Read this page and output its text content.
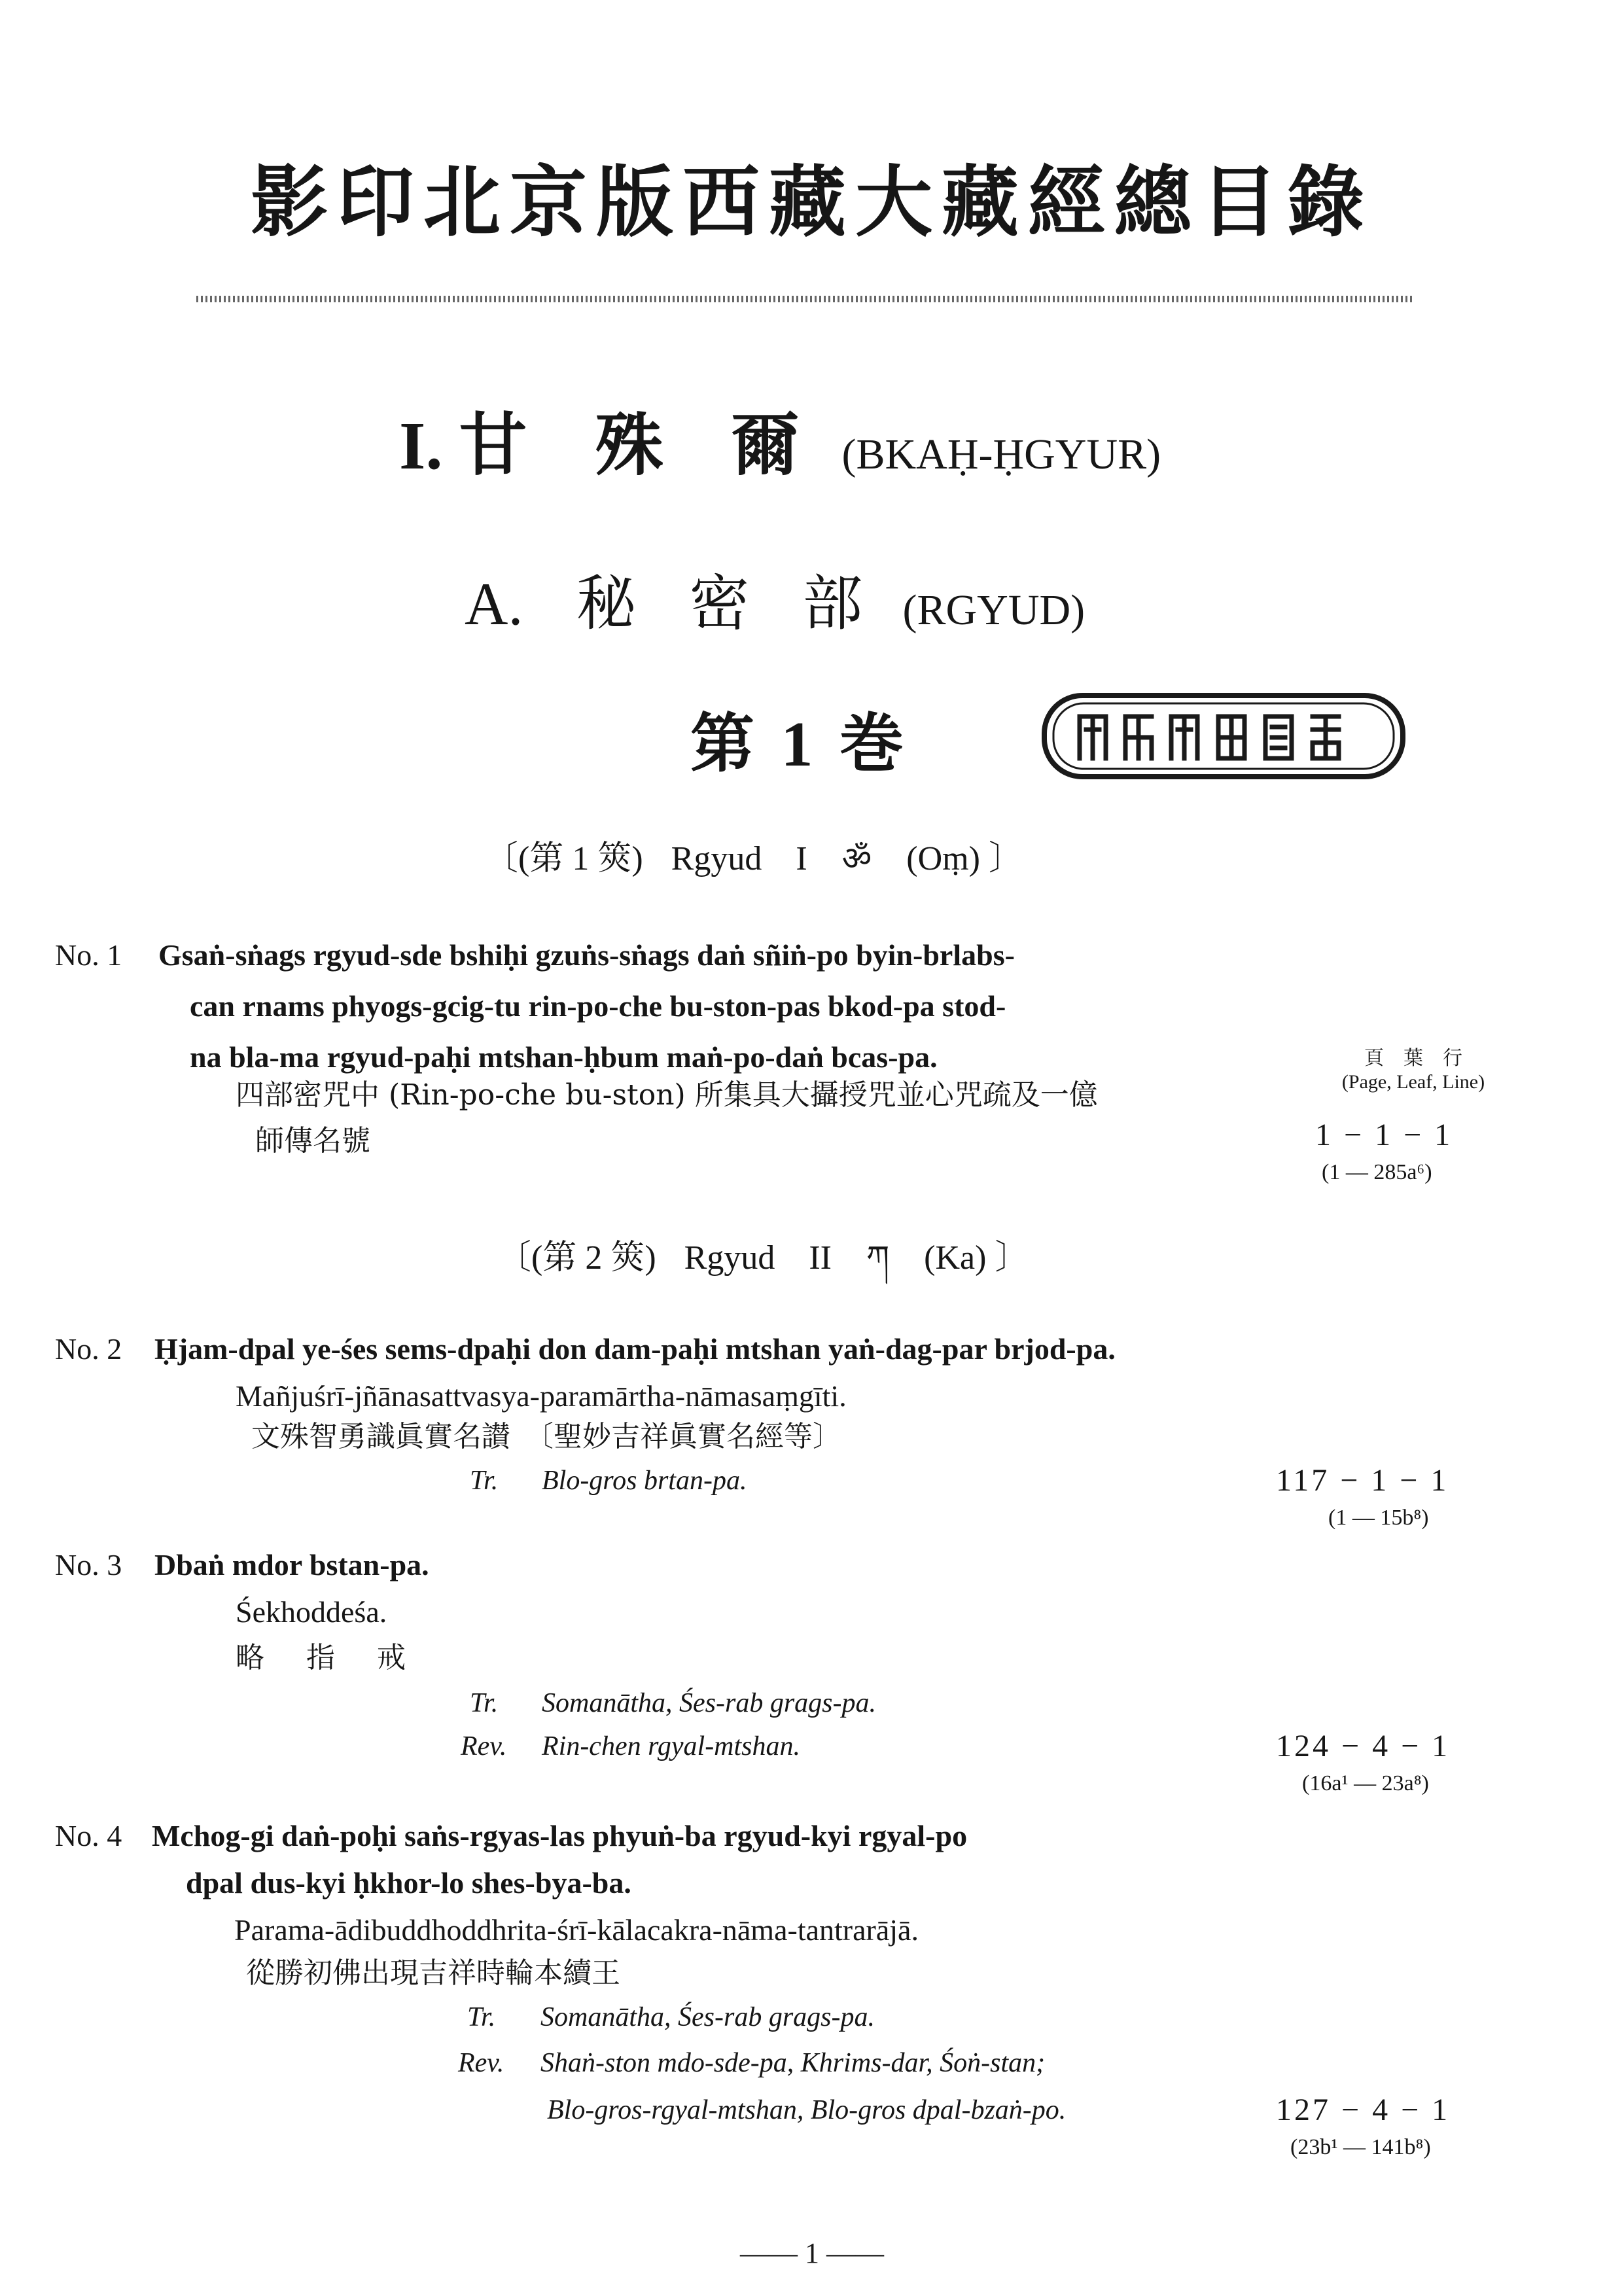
影印北京版西藏大藏經總目錄
I. 甘　殊　爾 (BKAḤ-ḤGYUR)
A. 秘 密 部 (RGYUD)
第 1 巻
〔(第 1 筴) Rgyud　I ॐ (Oṃ) 〕
No. 1 Gsaṅ-sṅags rgyud-sde bshiḥi gzuṅs-sṅags daṅ sñiṅ-po byin-brlabs-
can rnams phyogs-gcig-tu rin-po-che bu-ston-pas bkod-pa stod-
na bla-ma rgyud-paḥi mtshan-ḥbum maṅ-po-daṅ bcas-pa.
四部密咒中 (Rin-po-che bu-ston) 所集具大攝授咒並心咒疏及一億
師傳名號
頁　葉　行
(Page, Leaf, Line)
1 − 1 − 1
(1 — 285a⁶)
〔(第 2 筴) Rgyud　II ཀ (Ka) 〕
No. 2 Ḥjam-dpal ye-śes sems-dpaḥi don dam-paḥi mtshan yaṅ-dag-par brjod-pa.
Mañjuśrī-jñānasattvasya-paramārtha-nāmasaṃgīti.
文殊智勇識眞實名讃　〔聖妙吉祥眞實名經等〕
Tr. Blo-gros brtan-pa.	117 − 1 − 1
(1 — 15b⁸)
No. 3 Dbaṅ mdor bstan-pa.
Śekhoddeśa.
略　指　戒
Tr. Somanātha, Śes-rab grags-pa.
Rev. Rin-chen rgyal-mtshan.	124 − 4 − 1
(16a¹ — 23a⁸)
No. 4 Mchog-gi daṅ-poḥi saṅs-rgyas-las phyuṅ-ba rgyud-kyi rgyal-po
dpal dus-kyi ḥkhor-lo shes-bya-ba.
Parama-ādibuddhoddhrita-śrī-kālacakra-nāma-tantrarājā.
從勝初佛出現吉祥時輪本續王
Tr. Somanātha, Śes-rab grags-pa.
Rev. Shaṅ-ston mdo-sde-pa, Khrims-dar, Śoṅ-stan;
Blo-gros-rgyal-mtshan, Blo-gros dpal-bzaṅ-po.	127 − 4 − 1
(23b¹ — 141b⁸)
—— 1 ——
